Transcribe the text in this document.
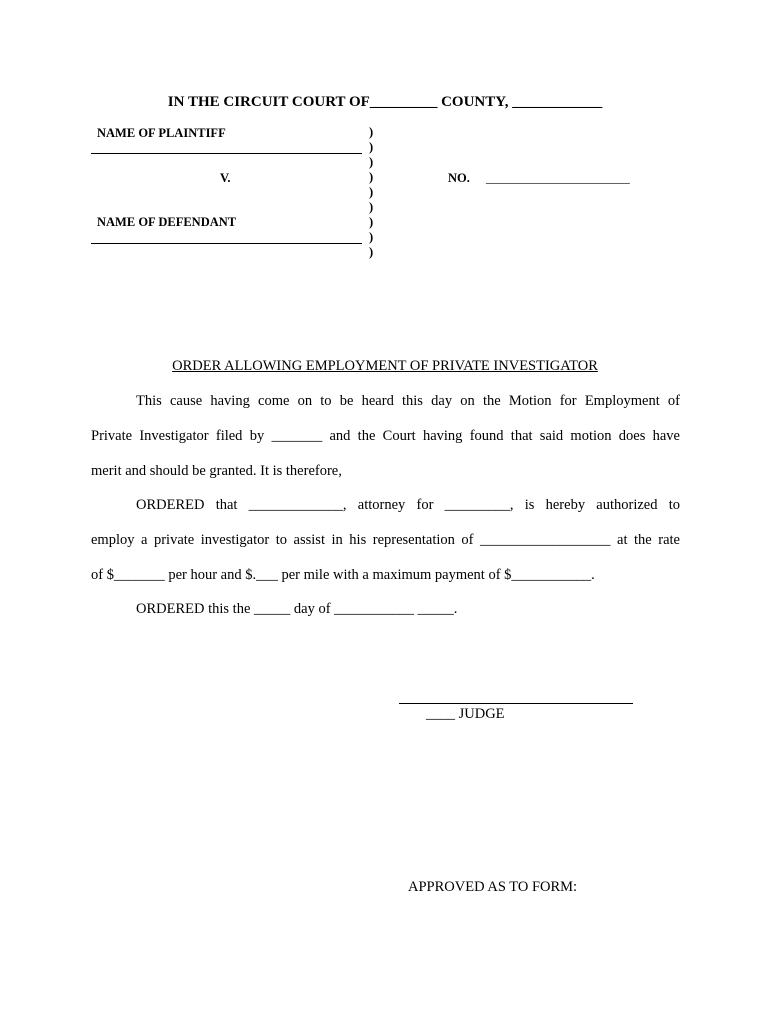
IN THE CIRCUIT COURT OF_________ COUNTY, ____________
NAME OF PLAINTIFF
V.
NAME OF DEFENDANT
)
)
)
)
)
)
)
)
)
NO. _______________________
ORDER ALLOWING EMPLOYMENT OF PRIVATE INVESTIGATOR
This cause having come on to be heard this day on the Motion for Employment of
Private Investigator filed by _______ and the Court having found that said motion does have
merit and should be granted. It is therefore,
ORDERED that _____________, attorney for _________, is hereby authorized to
employ a private investigator to assist in his representation of __________________ at the rate
of $_______ per hour and $.___ per mile with a maximum payment of $___________.
ORDERED this the _____ day of ___________ _____.
____ JUDGE
APPROVED AS TO FORM:
